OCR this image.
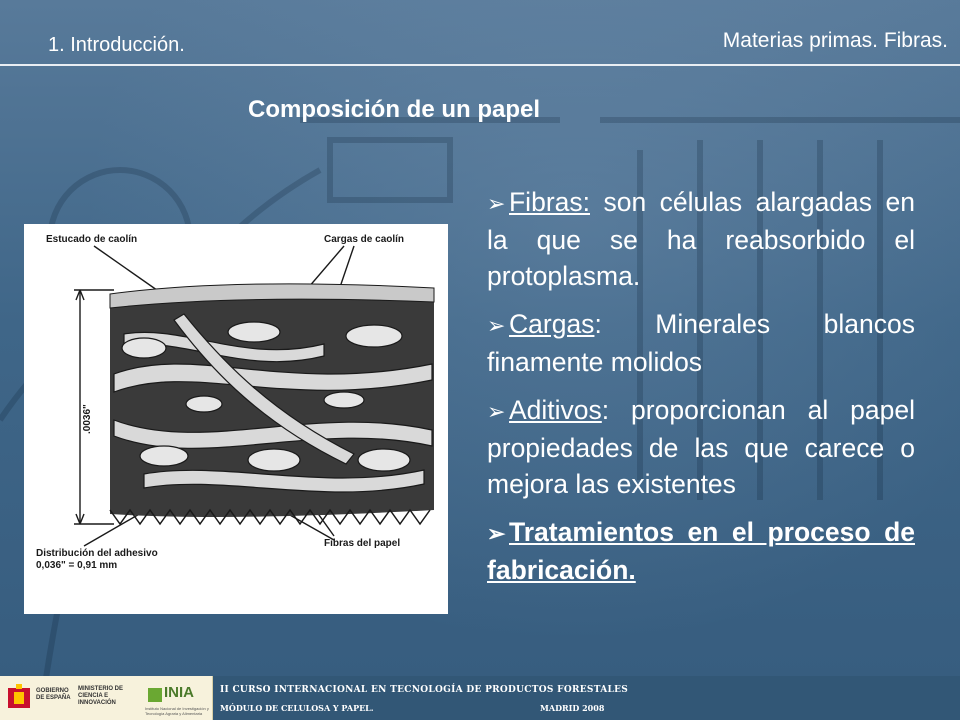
1. Introducción.	Materias primas. Fibras.
Composición de un papel
Estucado de caolín	Cargas de caolín
Distribución del adhesivo
0,036" = 0,91 mm
Fibras del papel
.0036"
➢ Fibras: son células alargadas en la que se ha reabsorbido el protoplasma.
➢ Cargas: Minerales blancos finamente molidos
➢ Aditivos: proporcionan al papel propiedades de las que carece o mejora las existentes
➢ Tratamientos en el proceso de fabricación.
GOBIERNO DE ESPAÑA
MINISTERIO DE CIENCIA E INNOVACIÓN
INIA
Instituto Nacional de Investigación y Tecnología Agraria y Alimentaria
II CURSO INTERNACIONAL EN TECNOLOGÍA DE PRODUCTOS FORESTALES
MÓDULO DE CELULOSA Y PAPEL.	MADRID 2008
